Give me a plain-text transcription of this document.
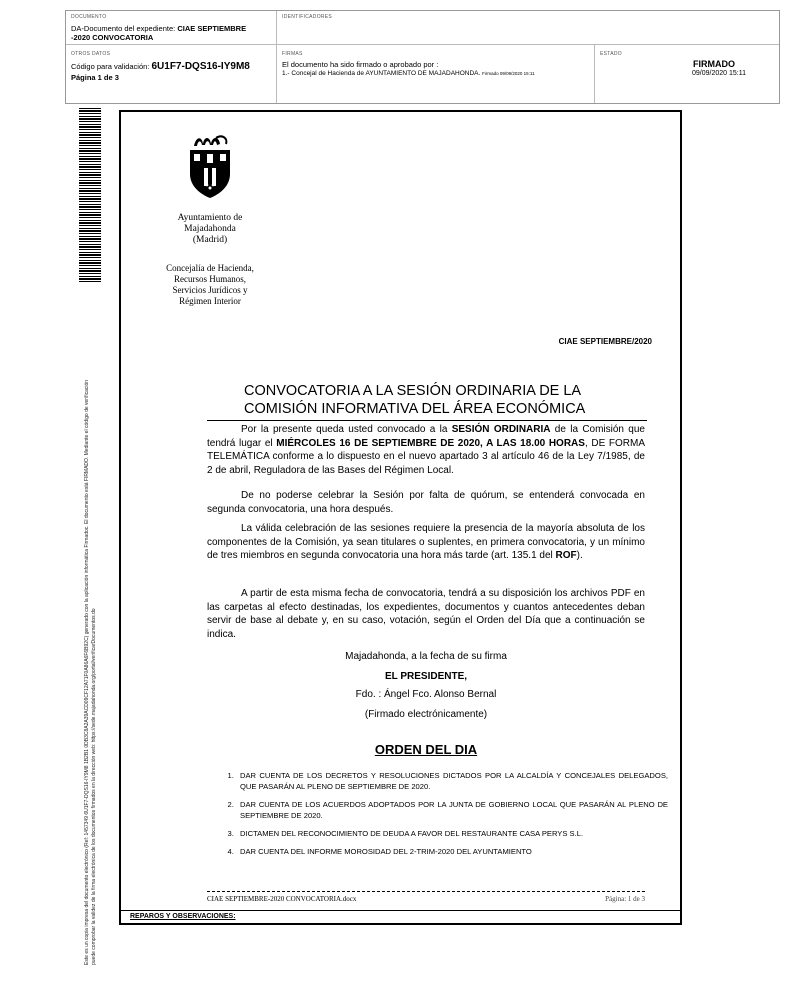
DOCUMENTO
DA-Documento del expediente: CIAE SEPTIEMBRE -2020 CONVOCATORIA
IDENTIFICADORES
OTROS DATOS
Código para validación: 6U1F7-DQS16-IY9M8
Página 1 de 3
FIRMAS
El documento ha sido firmado o aprobado por :
1.- Concejal de Hacienda de AYUNTAMIENTO DE MAJADAHONDA. Firmado 09/09/2020 15:11
ESTADO
FIRMADO
09/09/2020 15:11
Este es un copia impresa del documento electrónico (Ref: 1457349 6U1F7-DQS16-IY9M8 1B2B1 0DB3C8A2A39ACD09CF12A71F0A86A6F6B92C) generado con la aplicación informática Firmadoc. El documento está FIRMADO. Mediante el código de verificación puede comprobar la validez de la firma electrónica de los documentos firmados en la dirección web: https://sede.majadahonda.org/portal/verificarDocumentos.do	REPAROS Y OBSERVACIONES:
Ayuntamiento de
Majadahonda
(Madrid)
Concejalía de Hacienda,
Recursos Humanos,
Servicios Jurídicos y
Régimen Interior
CIAE SEPTIEMBRE/2020
CONVOCATORIA A LA SESIÓN ORDINARIA DE LA
COMISIÓN INFORMATIVA DEL ÁREA ECONÓMICA

Por la presente queda usted convocado a la SESIÓN ORDINARIA de la Comisión que tendrá lugar el MIÉRCOLES 16 DE SEPTIEMBRE DE 2020, A LAS 18.00 HORAS, DE FORMA TELEMÁTICA conforme a lo dispuesto en el nuevo apartado 3 al artículo 46 de la Ley 7/1985, de 2 de abril, Reguladora de las Bases del Régimen Local.

De no poderse celebrar la Sesión por falta de quórum, se entenderá convocada en segunda convocatoria, una hora después.

La válida celebración de las sesiones requiere la presencia de la mayoría absoluta de los componentes de la Comisión, ya sean titulares o suplentes, en primera convocatoria, y un mínimo de tres miembros en segunda convocatoria una hora más tarde (art. 135.1 del ROF).

A partir de esta misma fecha de convocatoria, tendrá a su disposición los archivos PDF en las carpetas al efecto destinadas, los expedientes, documentos y cuantos antecedentes deban servir de base al debate y, en su caso, votación, según el Orden del Día que a continuación se indica.

Majadahonda, a la fecha de su firma
EL PRESIDENTE,
Fdo. : Ángel Fco. Alonso Bernal
(Firmado electrónicamente)
ORDEN DEL DIA
1. DAR CUENTA DE LOS DECRETOS Y RESOLUCIONES DICTADOS POR LA ALCALDÍA Y CONCEJALES DELEGADOS, QUE PASARÁN AL PLENO DE SEPTIEMBRE DE 2020.
2. DAR CUENTA DE LOS ACUERDOS ADOPTADOS POR LA JUNTA DE GOBIERNO LOCAL QUE PASARÁN AL PLENO DE SEPTIEMBRE DE 2020.
3. DICTAMEN DEL RECONOCIMIENTO DE DEUDA A FAVOR DEL RESTAURANTE CASA PERYS S.L.
4. DAR CUENTA DEL INFORME MOROSIDAD DEL 2-TRIM-2020 DEL AYUNTAMIENTO
CIAE SEPTIEMBRE-2020 CONVOCATORIA.docx	Página: 1 de 3
